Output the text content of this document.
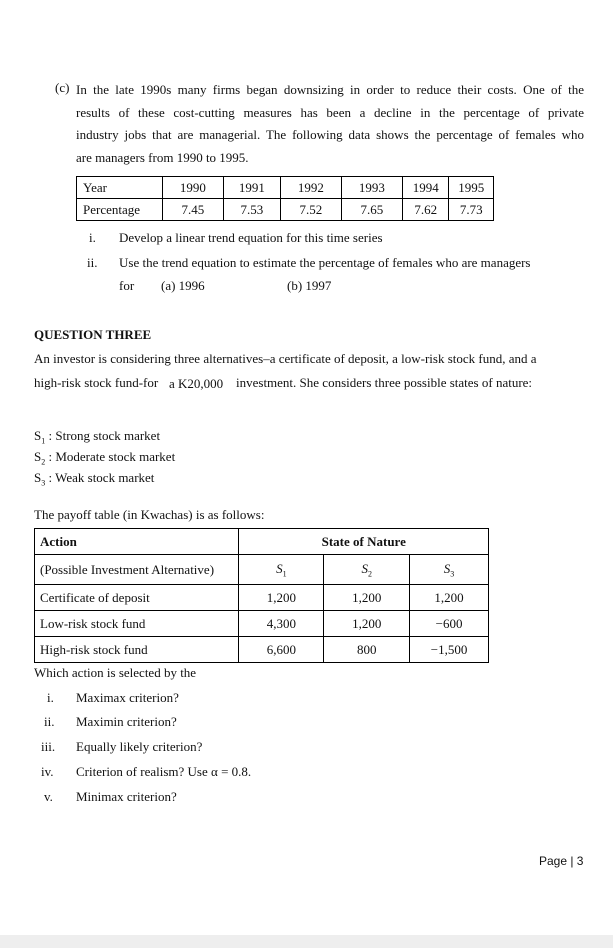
(c) In the late 1990s many firms began downsizing in order to reduce their costs. One of the
results of these cost-cutting measures has been a decline in the percentage of private
industry jobs that are managerial. The following data shows the percentage of females who
are managers from 1990 to 1995.
Year	1990	1991	1992	1993	1994	1995
Percentage	7.45	7.53	7.52	7.65	7.62	7.73
i. Develop a linear trend equation for this time series
ii. Use the trend equation to estimate the percentage of females who are managers
for (a) 1996	(b) 1997
QUESTION THREE
An investor is considering three alternatives–a certificate of deposit, a low-risk stock fund, and a
high-risk stock fund-for a K20,000 investment. She considers three possible states of nature:
$S_1$ : Strong stock market
$S_2$ : Moderate stock market
$S_3$ : Weak stock market
The payoff table (in Kwachas) is as follows:
Action	State of Nature		
(Possible Investment Alternative)	$S_1$	$S_2$	$S_3$
Certificate of deposit	1,200	1,200	1,200
Low-risk stock fund	4,300	1,200	−600
High-risk stock fund	6,600	800	−1,500
Which action is selected by the
i. Maximax criterion?
ii. Maximin criterion?
iii. Equally likely criterion?
iv. Criterion of realism? Use α = 0.8.
v. Minimax criterion?
Page | 3
